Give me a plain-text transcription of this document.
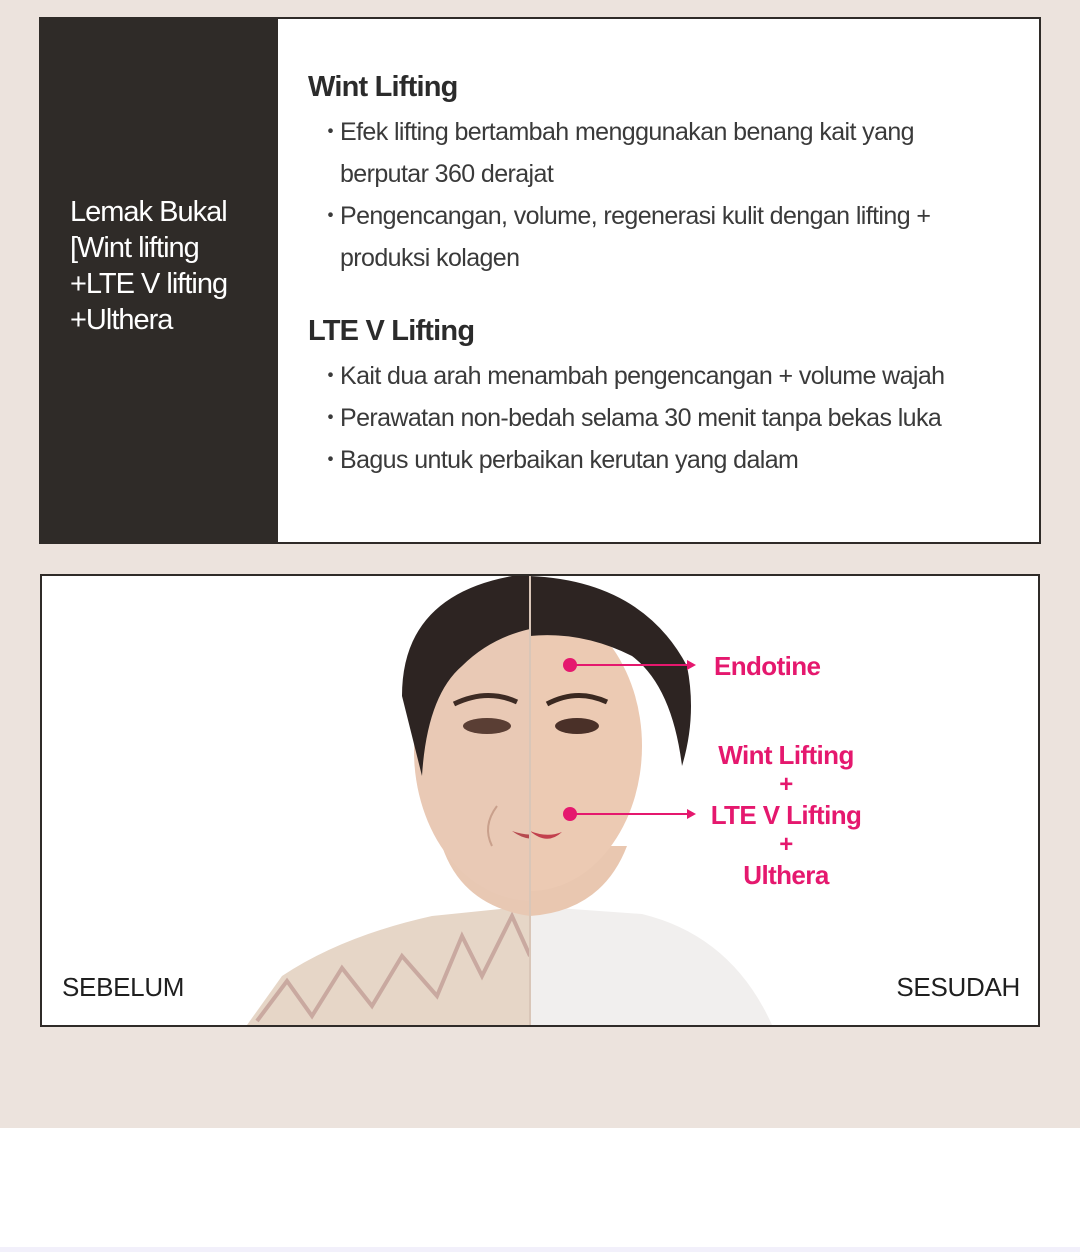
Lemak Bukal
[Wint lifting
+LTE V lifting
+Ulthera
Wint Lifting
・
Efek lifting bertambah menggunakan benang kait yang berputar 360 derajat
・
Pengencangan, volume, regenerasi kulit dengan lifting + produksi kolagen
LTE V Lifting
・
Kait dua arah menambah pengencangan + volume wajah
・
Perawatan non-bedah selama 30 menit tanpa bekas luka
・
Bagus untuk perbaikan kerutan yang dalam
Endotine
Wint Lifting
+
LTE V Lifting
+
Ulthera
SEBELUM	SESUDAH
